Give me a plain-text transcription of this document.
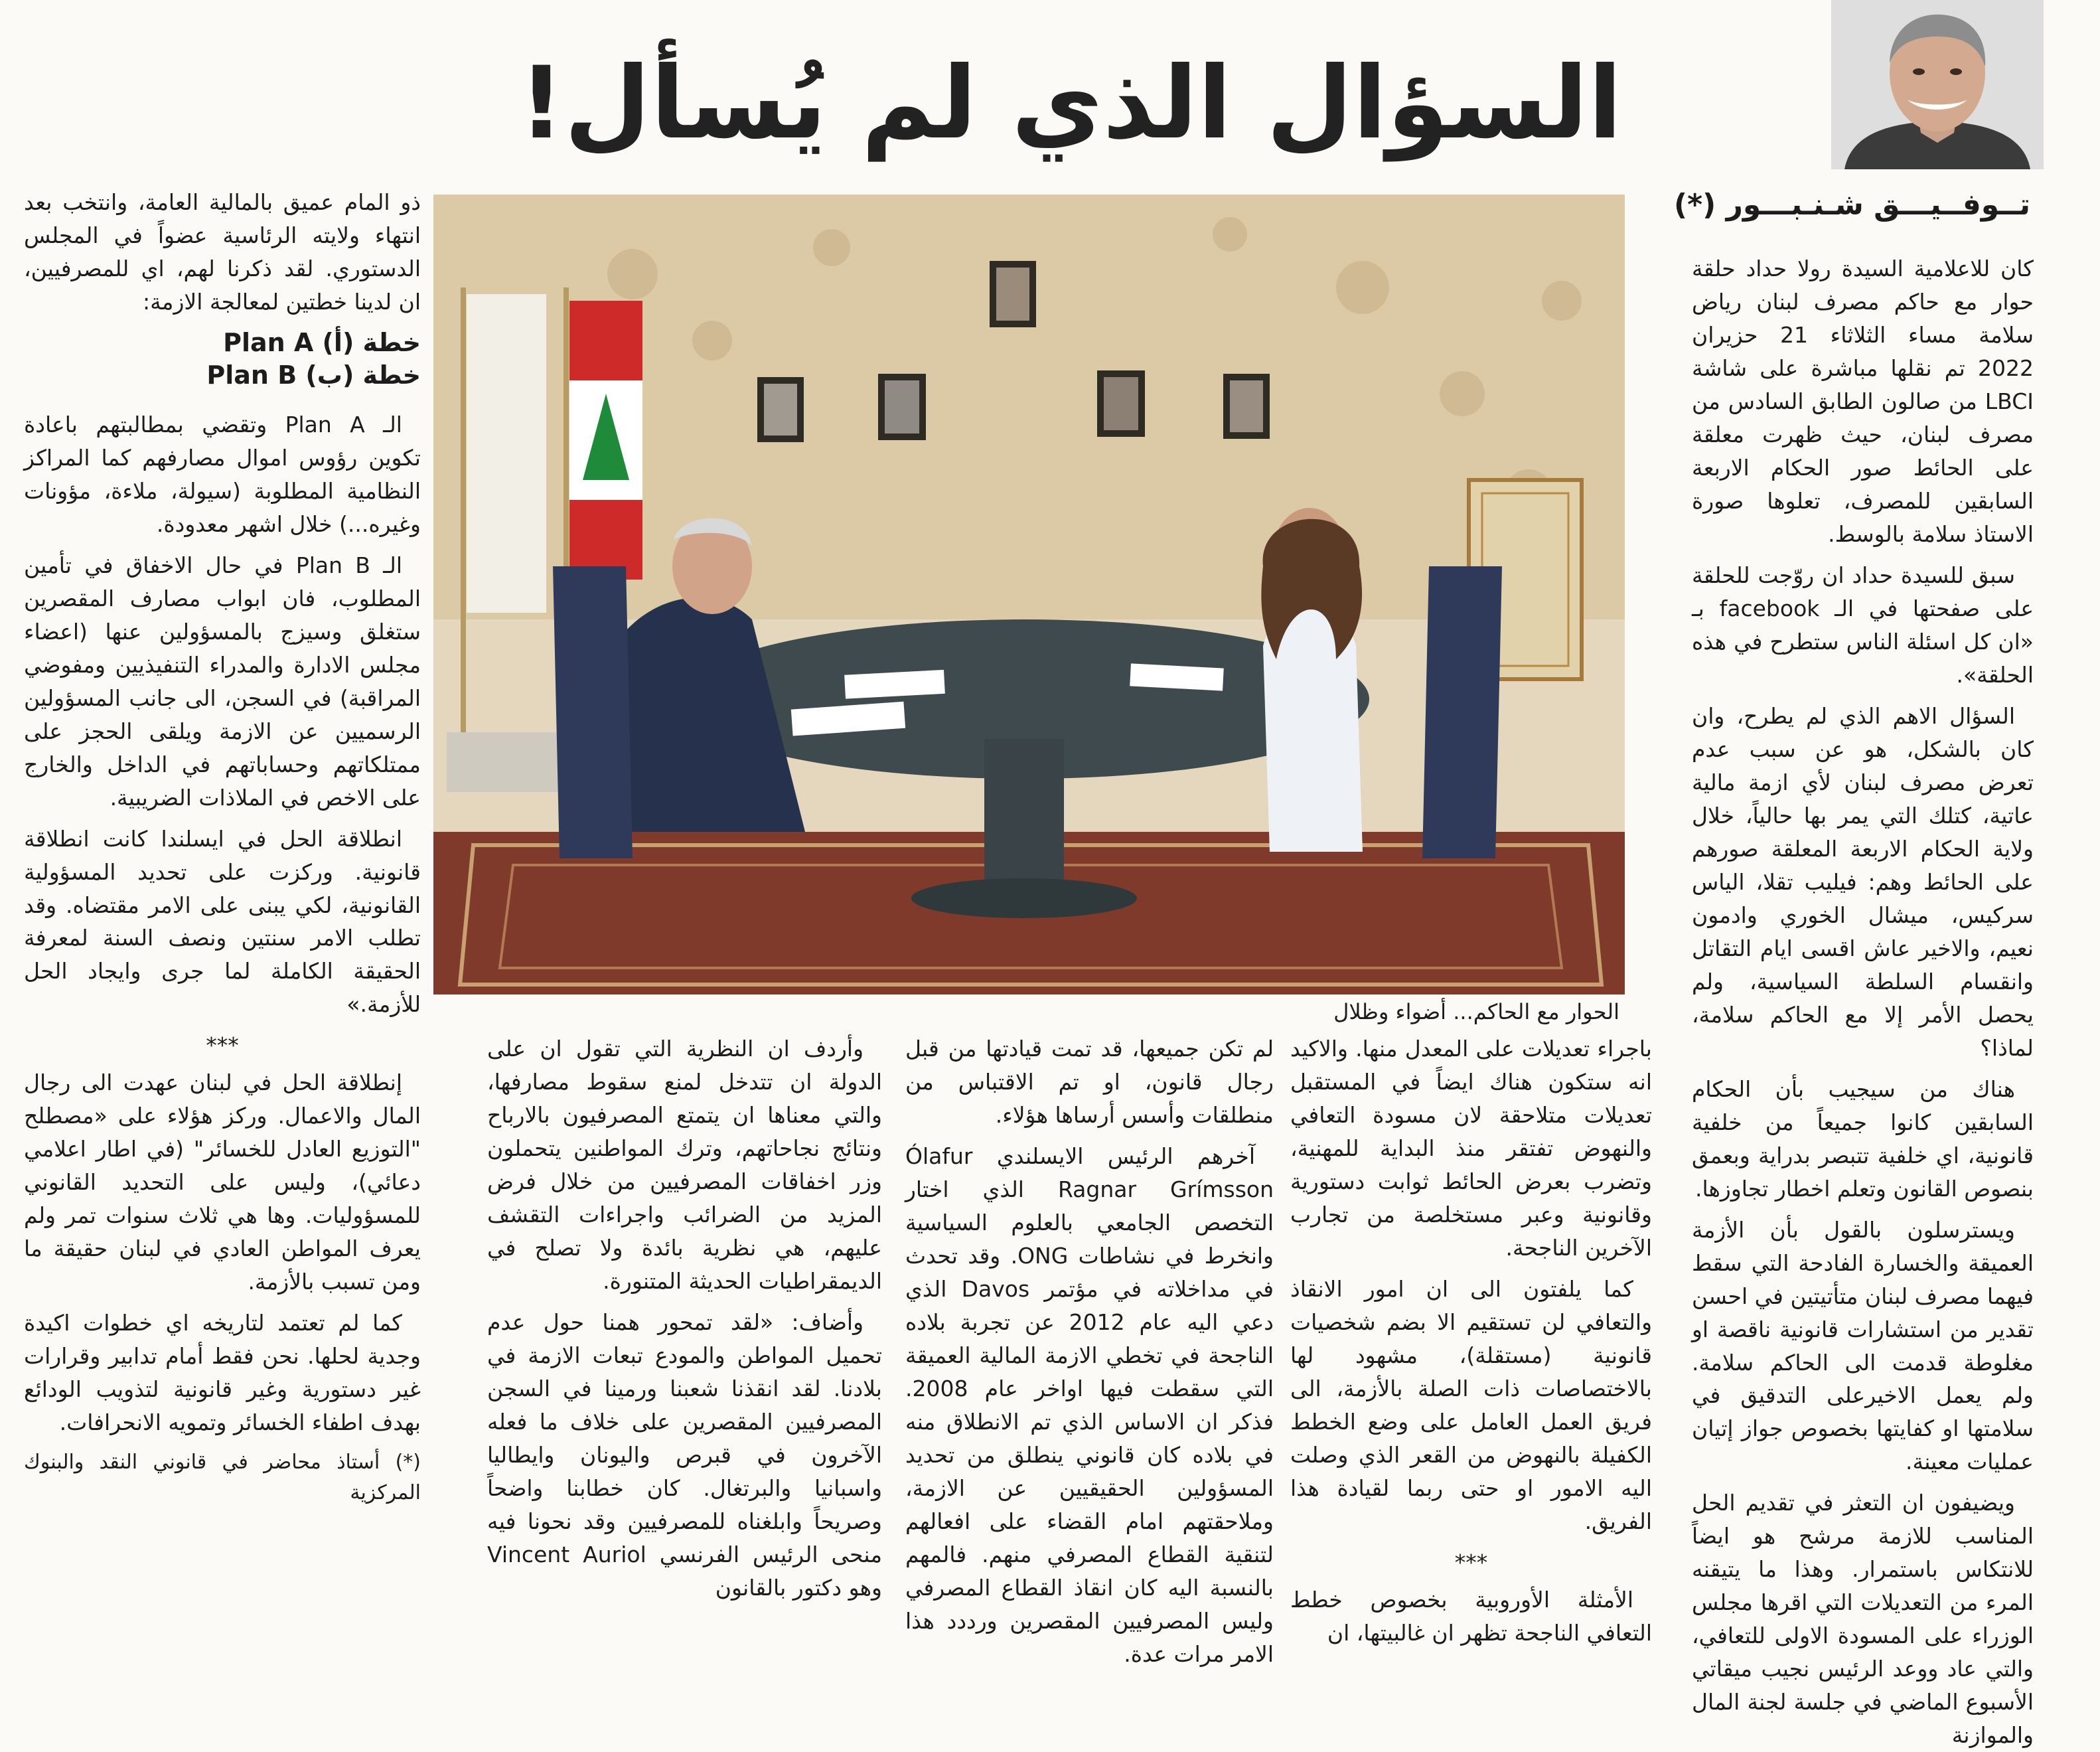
السؤال الذي لم يُسأل!
تــوفــيـــق شـنـبـــور (*)
الحوار مع الحاكم... أضواء وظلال

كان للاعلامية السيدة رولا حداد حلقة حوار مع حاكم مصرف لبنان رياض سلامة مساء الثلاثاء 21 حزيران 2022 تم نقلها مباشرة على شاشة LBCI من صالون الطابق السادس من مصرف لبنان، حيث ظهرت معلقة على الحائط صور الحكام الاربعة السابقين للمصرف، تعلوها صورة الاستاذ سلامة بالوسط.

سبق للسيدة حداد ان روّجت للحلقة على صفحتها في الـ facebook بـ «ان كل اسئلة الناس ستطرح في هذه الحلقة».

السؤال الاهم الذي لم يطرح، وان كان بالشكل، هو عن سبب عدم تعرض مصرف لبنان لأي ازمة مالية عاتية، كتلك التي يمر بها حالياً، خلال ولاية الحكام الاربعة المعلقة صورهم على الحائط وهم: فيليب تقلا، الياس سركيس، ميشال الخوري وادمون نعيم، والاخير عاش اقسى ايام التقاتل وانقسام السلطة السياسية، ولم يحصل الأمر إلا مع الحاكم سلامة، لماذا؟

هناك من سيجيب بأن الحكام السابقين كانوا جميعاً من خلفية قانونية، اي خلفية تتبصر بدراية وبعمق بنصوص القانون وتعلم اخطار تجاوزها.

ويسترسلون بالقول بأن الأزمة العميقة والخسارة الفادحة التي سقط فيهما مصرف لبنان متأتيتين في احسن تقدير من استشارات قانونية ناقصة او مغلوطة قدمت الى الحاكم سلامة. ولم يعمل الاخيرعلى التدقيق في سلامتها او كفايتها بخصوص جواز إتيان عمليات معينة.

ويضيفون ان التعثر في تقديم الحل المناسب للازمة مرشح هو ايضاً للانتكاس باستمرار. وهذا ما يتيقنه المرء من التعديلات التي اقرها مجلس الوزراء على المسودة الاولى للتعافي، والتي عاد ووعد الرئيس نجيب ميقاتي الأسبوع الماضي في جلسة لجنة المال والموازنة

باجراء تعديلات على المعدل منها. والاكيد انه ستكون هناك ايضاً في المستقبل تعديلات متلاحقة لان مسودة التعافي والنهوض تفتقر منذ البداية للمهنية، وتضرب بعرض الحائط ثوابت دستورية وقانونية وعبر مستخلصة من تجارب الآخرين الناجحة.

كما يلفتون الى ان امور الانقاذ والتعافي لن تستقيم الا بضم شخصيات قانونية (مستقلة)، مشهود لها بالاختصاصات ذات الصلة بالأزمة، الى فريق العمل العامل على وضع الخطط الكفيلة بالنهوض من القعر الذي وصلت اليه الامور او حتى ربما لقيادة هذا الفريق.

***

الأمثلة الأوروبية بخصوص خطط التعافي الناجحة تظهر ان غالبيتها، ان

لم تكن جميعها، قد تمت قيادتها من قبل رجال قانون، او تم الاقتباس من منطلقات وأسس أرساها هؤلاء.

آخرهم الرئيس الايسلندي Ólafur Ragnar Grímsson الذي اختار التخصص الجامعي بالعلوم السياسية وانخرط في نشاطات ONG. وقد تحدث في مداخلاته في مؤتمر Davos الذي دعي اليه عام 2012 عن تجربة بلاده الناجحة في تخطي الازمة المالية العميقة التي سقطت فيها اواخر عام 2008. فذكر ان الاساس الذي تم الانطلاق منه في بلاده كان قانوني ينطلق من تحديد المسؤولين الحقيقيين عن الازمة، وملاحقتهم امام القضاء على افعالهم لتنقية القطاع المصرفي منهم. فالمهم بالنسبة اليه كان انقاذ القطاع المصرفي وليس المصرفيين المقصرين ورددد هذا الامر مرات عدة.

وأردف ان النظرية التي تقول ان على الدولة ان تتدخل لمنع سقوط مصارفها، والتي معناها ان يتمتع المصرفيون بالارباح ونتائج نجاحاتهم، وترك المواطنين يتحملون وزر اخفاقات المصرفيين من خلال فرض المزيد من الضرائب واجراءات التقشف عليهم، هي نظرية بائدة ولا تصلح في الديمقراطيات الحديثة المتنورة.

وأضاف: «لقد تمحور همنا حول عدم تحميل المواطن والمودع تبعات الازمة في بلادنا. لقد انقذنا شعبنا ورمينا في السجن المصرفيين المقصرين على خلاف ما فعله الآخرون في قبرص واليونان وايطاليا واسبانيا والبرتغال. كان خطابنا واضحاً وصريحاً وابلغناه للمصرفيين وقد نحونا فيه منحى الرئيس الفرنسي Vincent Auriol وهو دكتور بالقانون

ذو المام عميق بالمالية العامة، وانتخب بعد انتهاء ولايته الرئاسية عضواً في المجلس الدستوري. لقد ذكرنا لهم، اي للمصرفيين، ان لدينا خطتين لمعالجة الازمة:

خطة (أ) Plan A
خطة (ب) Plan B

الـ Plan A وتقضي بمطالبتهم باعادة تكوين رؤوس اموال مصارفهم كما المراكز النظامية المطلوبة (سيولة، ملاءة، مؤونات وغيره...) خلال اشهر معدودة.

الـ Plan B في حال الاخفاق في تأمين المطلوب، فان ابواب مصارف المقصرين ستغلق وسيزج بالمسؤولين عنها (اعضاء مجلس الادارة والمدراء التنفيذيين ومفوضي المراقبة) في السجن، الى جانب المسؤولين الرسميين عن الازمة ويلقى الحجز على ممتلكاتهم وحساباتهم في الداخل والخارج على الاخص في الملاذات الضريبية.

انطلاقة الحل في ايسلندا كانت انطلاقة قانونية. وركزت على تحديد المسؤولية القانونية، لكي يبنى على الامر مقتضاه. وقد تطلب الامر سنتين ونصف السنة لمعرفة الحقيقة الكاملة لما جرى وايجاد الحل للأزمة.»

***

إنطلاقة الحل في لبنان عهدت الى رجال المال والاعمال. وركز هؤلاء على «مصطلح "التوزيع العادل للخسائر" (في اطار اعلامي دعائي)، وليس على التحديد القانوني للمسؤوليات. وها هي ثلاث سنوات تمر ولم يعرف المواطن العادي في لبنان حقيقة ما ومن تسبب بالأزمة.

كما لم تعتمد لتاريخه اي خطوات اكيدة وجدية لحلها. نحن فقط أمام تدابير وقرارات غير دستورية وغير قانونية لتذويب الودائع بهدف اطفاء الخسائر وتمويه الانحرافات.

(*) أستاذ محاضر في قانوني النقد والبنوك المركزية
